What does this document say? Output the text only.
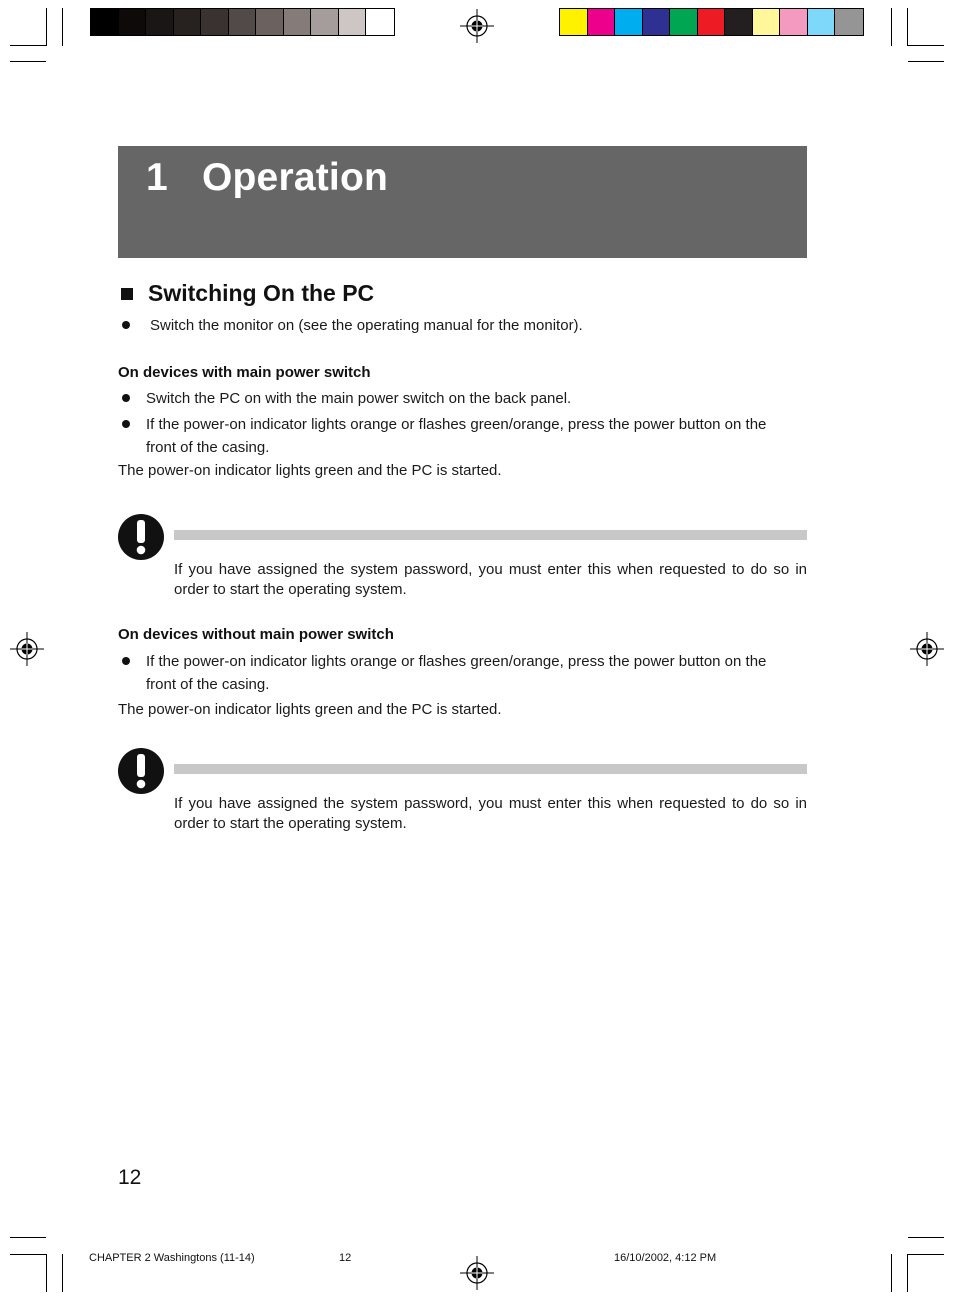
1 Operation
Switching On the PC
Switch the monitor on (see the operating manual for the monitor).
On devices with main power switch
Switch the PC on with the main power switch on the back panel.
If the power-on indicator lights orange or flashes green/orange, press the power button on the
front of the casing.
The power-on indicator lights green and the PC is started.
If you have assigned the system password, you must enter this when requested to do so in order to start the operating system.
On devices without main power switch
If the power-on indicator lights orange or flashes green/orange, press the power button on the
front of the casing.
The power-on indicator lights green and the PC is started.
If you have assigned the system password, you must enter this when requested to do so in order to start the operating system.
12
CHAPTER 2 Washingtons (11-14)	12	16/10/2002, 4:12 PM
